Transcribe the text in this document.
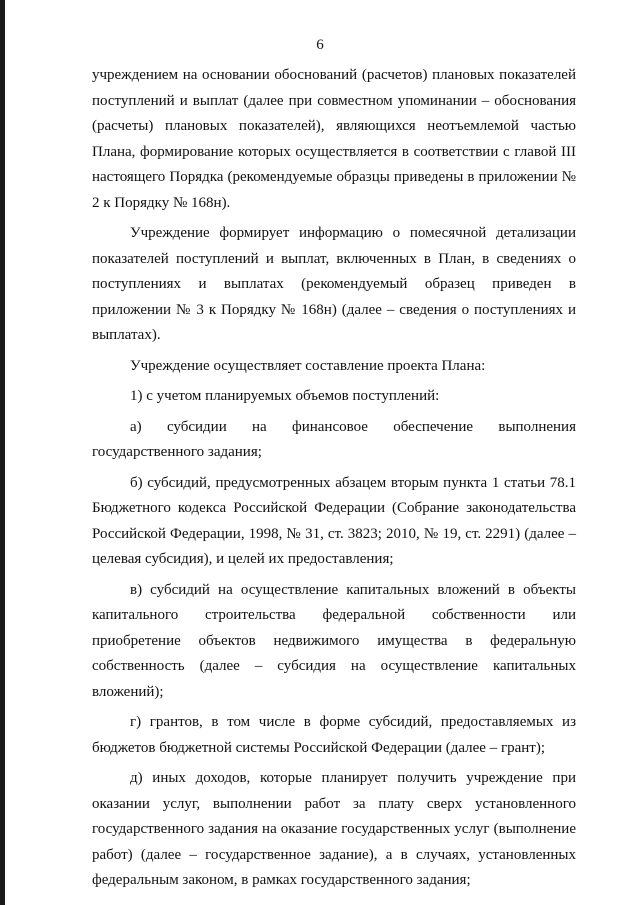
6

учреждением на основании обоснований (расчетов) плановых показателей поступлений и выплат (далее при совместном упоминании – обоснования (расчеты) плановых показателей), являющихся неотъемлемой частью Плана, формирование которых осуществляется в соответствии с главой III настоящего Порядка (рекомендуемые образцы приведены в приложении № 2 к Порядку № 168н).

Учреждение формирует информацию о помесячной детализации показателей поступлений и выплат, включенных в План, в сведениях о поступлениях и выплатах (рекомендуемый образец приведен в приложении № 3 к Порядку № 168н) (далее – сведения о поступлениях и выплатах).

Учреждение осуществляет составление проекта Плана:

1) с учетом планируемых объемов поступлений:

а) субсидии на финансовое обеспечение выполнения государственного задания;

б) субсидий, предусмотренных абзацем вторым пункта 1 статьи 78.1 Бюджетного кодекса Российской Федерации (Собрание законодательства Российской Федерации, 1998, № 31, ст. 3823; 2010, № 19, ст. 2291) (далее – целевая субсидия), и целей их предоставления;

в) субсидий на осуществление капитальных вложений в объекты капитального строительства федеральной собственности или приобретение объектов недвижимого имущества в федеральную собственность (далее – субсидия на осуществление капитальных вложений);

г) грантов, в том числе в форме субсидий, предоставляемых из бюджетов бюджетной системы Российской Федерации (далее – грант);

д) иных доходов, которые планирует получить учреждение при оказании услуг, выполнении работ за плату сверх установленного государственного задания на оказание государственных услуг (выполнение работ) (далее – государственное задание), а в случаях, установленных федеральным законом, в рамках государственного задания;
